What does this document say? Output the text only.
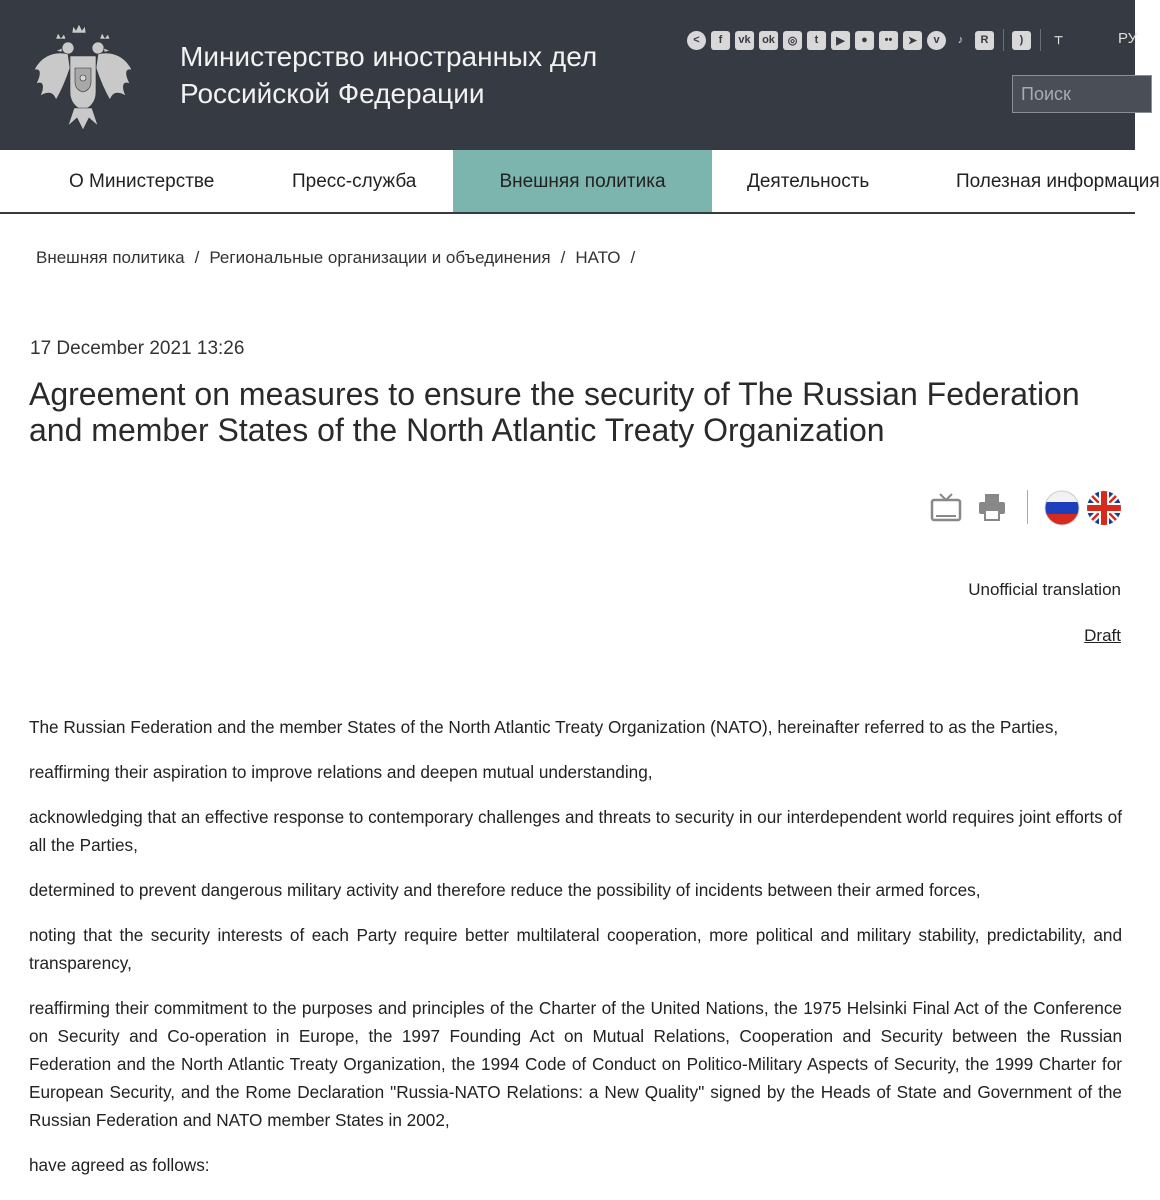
Министерство иностранных дел
Российской Федерации
<	f	vk	ok	◎	t	▶	●	••	➤	v	♪	R	)	⊤	РУ
Поиск
О Министерстве	Пресс-служба	Внешняя политика	Деятельность	Полезная информация
Внешняя политика / Региональные организации и объединения / НАТО /
17 December 2021 13:26
Agreement on measures to ensure the security of The Russian Federation and member States of the North Atlantic Treaty Organization
Unofficial translation
Draft

The Russian Federation and the member States of the North Atlantic Treaty Organization (NATO), hereinafter referred to as the Parties,

reaffirming their aspiration to improve relations and deepen mutual understanding,

acknowledging that an effective response to contemporary challenges and threats to security in our interdependent world requires joint efforts of all the Parties,

determined to prevent dangerous military activity and therefore reduce the possibility of incidents between their armed forces,

noting that the security interests of each Party require better multilateral cooperation, more political and military stability, predictability, and transparency,

reaffirming their commitment to the purposes and principles of the Charter of the United Nations, the 1975 Helsinki Final Act of the Conference on Security and Co-operation in Europe, the 1997 Founding Act on Mutual Relations, Cooperation and Security between the Russian Federation and the North Atlantic Treaty Organization, the 1994 Code of Conduct on Politico-Military Aspects of Security, the 1999 Charter for European Security, and the Rome Declaration "Russia-NATO Relations: a New Quality" signed by the Heads of State and Government of the Russian Federation and NATO member States in 2002,

have agreed as follows:
